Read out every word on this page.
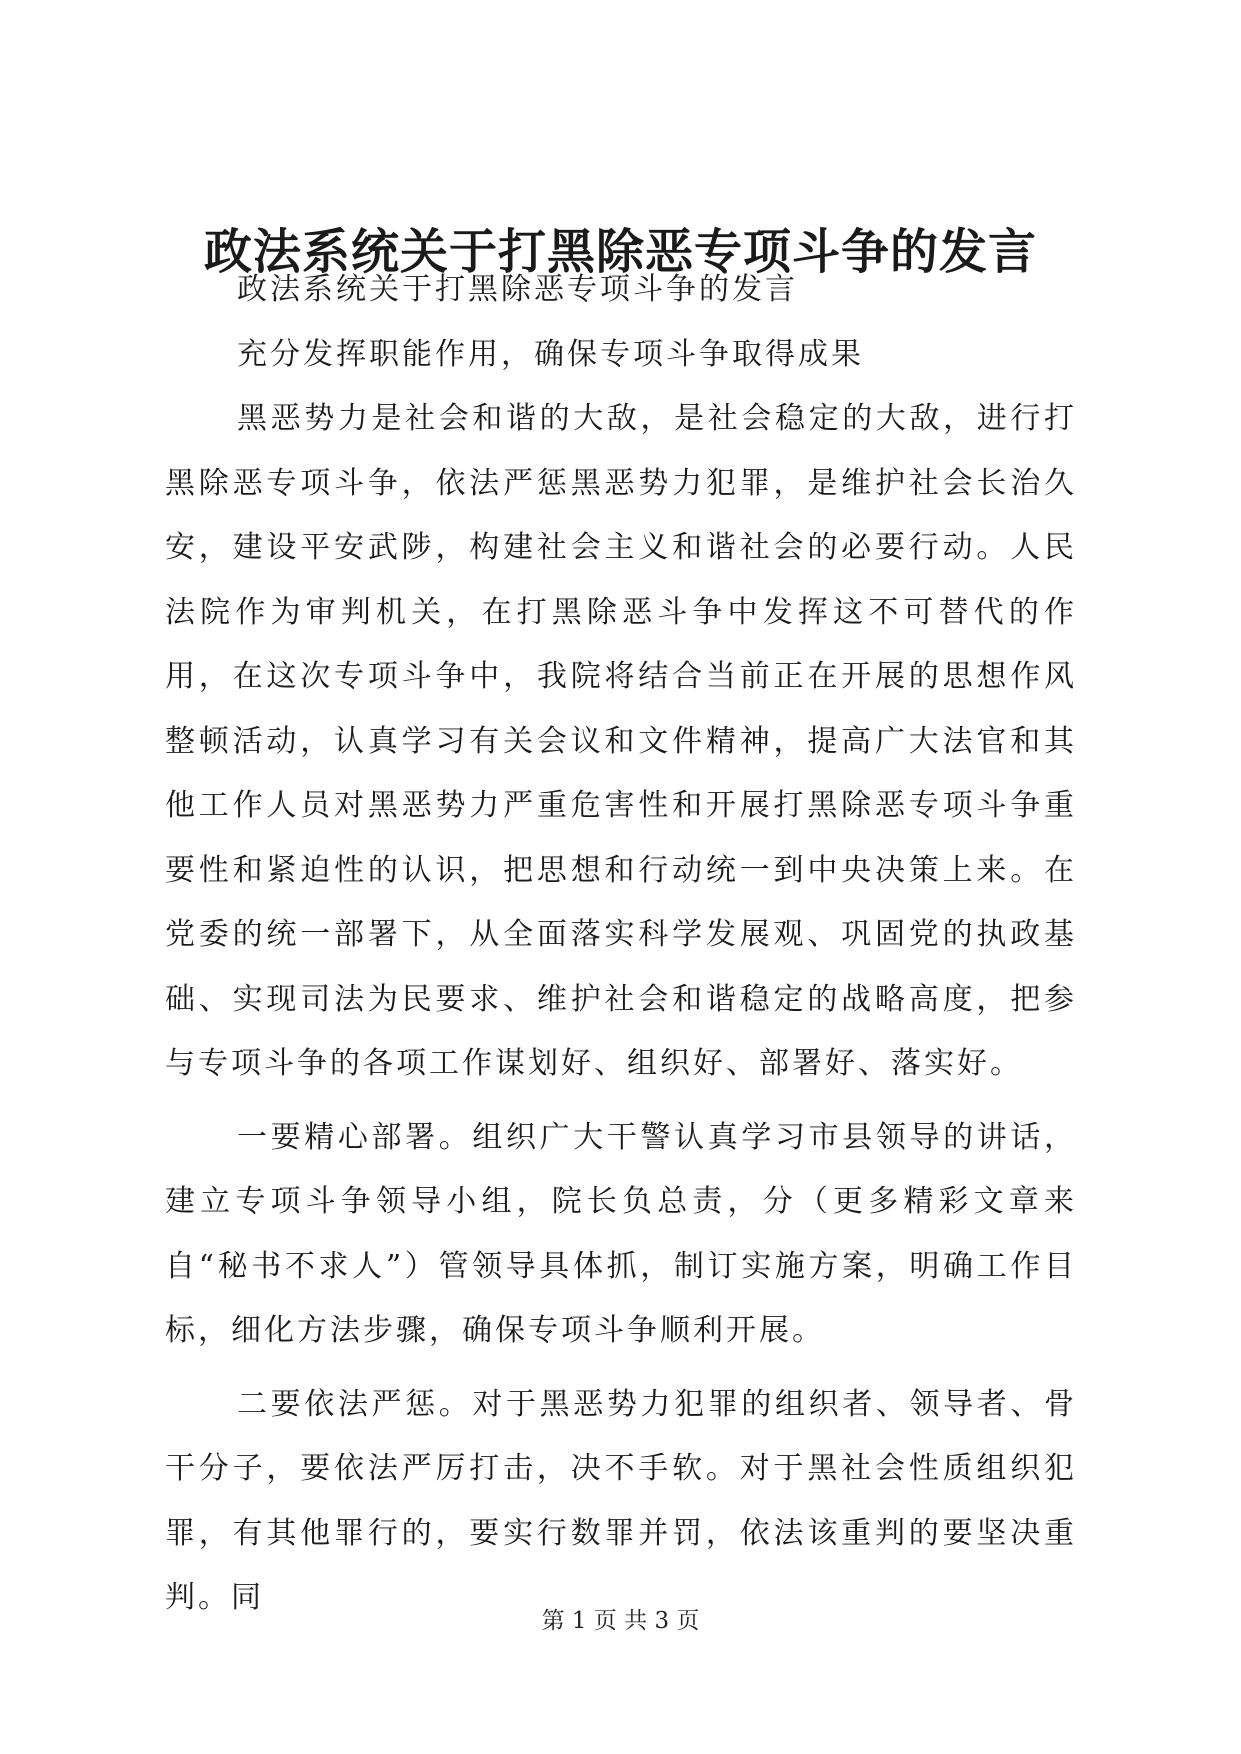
政法系统关于打黑除恶专项斗争的发言

政法系统关于打黑除恶专项斗争的发言

充分发挥职能作用，确保专项斗争取得成果

黑恶势力是社会和谐的大敌，是社会稳定的大敌，进行打黑除恶专项斗争，依法严惩黑恶势力犯罪，是维护社会长治久安，建设平安武陟，构建社会主义和谐社会的必要行动。人民法院作为审判机关，在打黑除恶斗争中发挥这不可替代的作用，在这次专项斗争中，我院将结合当前正在开展的思想作风整顿活动，认真学习有关会议和文件精神，提高广大法官和其他工作人员对黑恶势力严重危害性和开展打黑除恶专项斗争重要性和紧迫性的认识，把思想和行动统一到中央决策上来。在党委的统一部署下，从全面落实科学发展观、巩固党的执政基础、实现司法为民要求、维护社会和谐稳定的战略高度，把参与专项斗争的各项工作谋划好、组织好、部署好、落实好。

一要精心部署。组织广大干警认真学习市县领导的讲话，建立专项斗争领导小组，院长负总责，分（更多精彩文章来自“秘书不求人”）管领导具体抓，制订实施方案，明确工作目标，细化方法步骤，确保专项斗争顺利开展。

二要依法严惩。对于黑恶势力犯罪的组织者、领导者、骨干分子，要依法严厉打击，决不手软。对于黑社会性质组织犯罪，有其他罪行的，要实行数罪并罚，依法该重判的要坚决重判。同

第 1 页 共 3 页
